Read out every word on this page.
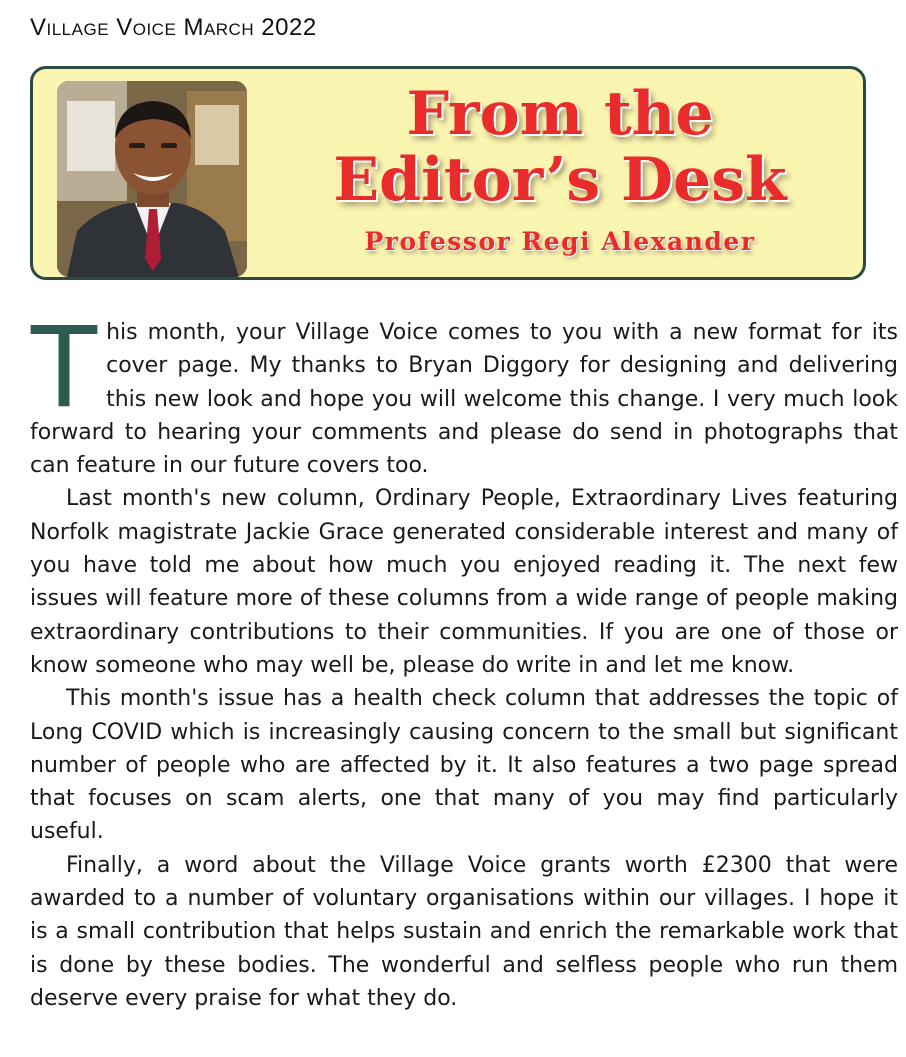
Village Voice March 2022
From the
Editor’s Desk
Professor Regi Alexander

This month, your Village Voice comes to you with a new format for its cover page. My thanks to Bryan Diggory for designing and delivering this new look and hope you will welcome this change. I very much look forward to hearing your comments and please do send in photographs that can feature in our future covers too.

Last month's new column, Ordinary People, Extraordinary Lives featuring Norfolk magistrate Jackie Grace generated considerable interest and many of you have told me about how much you enjoyed reading it. The next few issues will feature more of these columns from a wide range of people making extraordinary contributions to their communities. If you are one of those or know someone who may well be, please do write in and let me know.

This month's issue has a health check column that addresses the topic of Long COVID which is increasingly causing concern to the small but significant number of people who are affected by it. It also features a two page spread that focuses on scam alerts, one that many of you may find particularly useful.

Finally, a word about the Village Voice grants worth £2300 that were awarded to a number of voluntary organisations within our villages. I hope it is a small contribution that helps sustain and enrich the remarkable work that is done by these bodies. The wonderful and selfless people who run them deserve every praise for what they do.
